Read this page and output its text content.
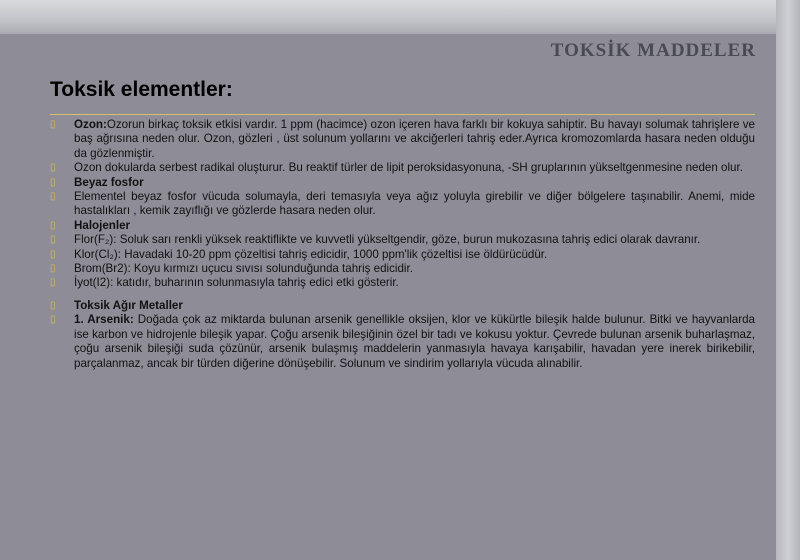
TOKSİK MADDELER
Toksik elementler:
▯ Ozon:Ozorun birkaç toksik etkisi vardır. 1 ppm (hacimce) ozon içeren hava farklı bir kokuya sahiptir. Bu havayı solumak tahrişlere ve baş ağrısına neden olur. Ozon, gözleri , üst solunum yollarını ve akciğerleri tahriş eder.Ayrıca kromozomlarda hasara neden olduğu da gözlenmiştir.
▯ Ozon dokularda serbest radikal oluşturur. Bu reaktif türler de lipit peroksidasyonuna, -SH gruplarının yükseltgenmesine neden olur.
▯ Beyaz fosfor
▯ Elementel beyaz fosfor vücuda solumayla, deri temasıyla veya ağız yoluyla girebilir ve diğer bölgelere taşınabilir. Anemi, mide hastalıkları , kemik zayıflığı ve gözlerde hasara neden olur.
▯ Halojenler
▯ Flor(F₂): Soluk sarı renkli yüksek reaktiflikte ve kuvvetli yükseltgendir, göze, burun mukozasına tahriş edici olarak davranır.
▯ Klor(Cl₂): Havadaki 10-20 ppm çözeltisi tahriş edicidir, 1000 ppm'lik çözeltisi ise öldürücüdür.
▯ Brom(Br2): Koyu kırmızı uçucu sıvısı solunduğunda tahriş edicidir.
▯ İyot(I2): katıdır, buharının solunmasıyla tahriş edici etki gösterir.
▯ Toksik Ağır Metaller
▯ 1. Arsenik: Doğada çok az miktarda bulunan arsenik genellikle oksijen, klor ve kükürtle bileşik halde bulunur. Bitki ve hayvanlarda ise karbon ve hidrojenle bileşik yapar. Çoğu arsenik bileşiğinin özel bir tadı ve kokusu yoktur. Çevrede bulunan arsenik buharlaşmaz, çoğu arsenik bileşiği suda çözünür, arsenik bulaşmış maddelerin yanmasıyla havaya karışabilir, havadan yere inerek birikebilir, parçalanmaz, ancak bir türden diğerine dönüşebilir. Solunum ve sindirim yollarıyla vücuda alınabilir.
